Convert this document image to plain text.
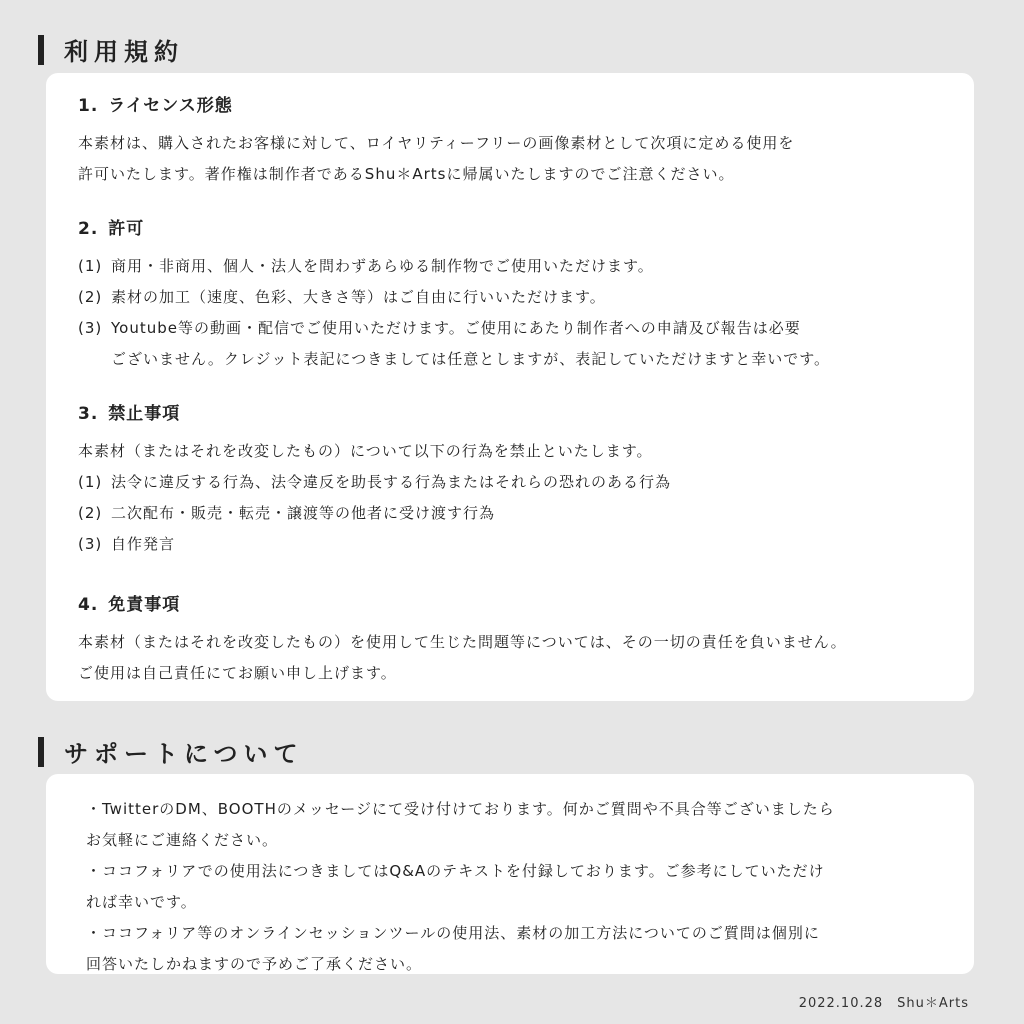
利用規約
1. ライセンス形態
本素材は、購入されたお客様に対して、ロイヤリティーフリーの画像素材として次項に定める使用を
許可いたします。著作権は制作者であるShu＊Artsに帰属いたしますのでご注意ください。
2. 許可
(1) 商用・非商用、個人・法人を問わずあらゆる制作物でご使用いただけます。
(2) 素材の加工（速度、色彩、大きさ等）はご自由に行いいただけます。
(3) Youtube等の動画・配信でご使用いただけます。ご使用にあたり制作者への申請及び報告は必要
ございません。クレジット表記につきましては任意としますが、表記していただけますと幸いです。
3. 禁止事項
本素材（またはそれを改変したもの）について以下の行為を禁止といたします。
(1) 法令に違反する行為、法令違反を助長する行為またはそれらの恐れのある行為
(2) 二次配布・販売・転売・譲渡等の他者に受け渡す行為
(3) 自作発言
4. 免責事項
本素材（またはそれを改変したもの）を使用して生じた問題等については、その一切の責任を負いません。
ご使用は自己責任にてお願い申し上げます。
サポートについて
・TwitterのDM、BOOTHのメッセージにて受け付けております。何かご質問や不具合等ございましたら
お気軽にご連絡ください。
・ココフォリアでの使用法につきましてはQ&Aのテキストを付録しております。ご参考にしていただけ
れば幸いです。
・ココフォリア等のオンラインセッションツールの使用法、素材の加工方法についてのご質問は個別に
回答いたしかねますので予めご了承ください。
2022.10.28 Shu＊Arts
